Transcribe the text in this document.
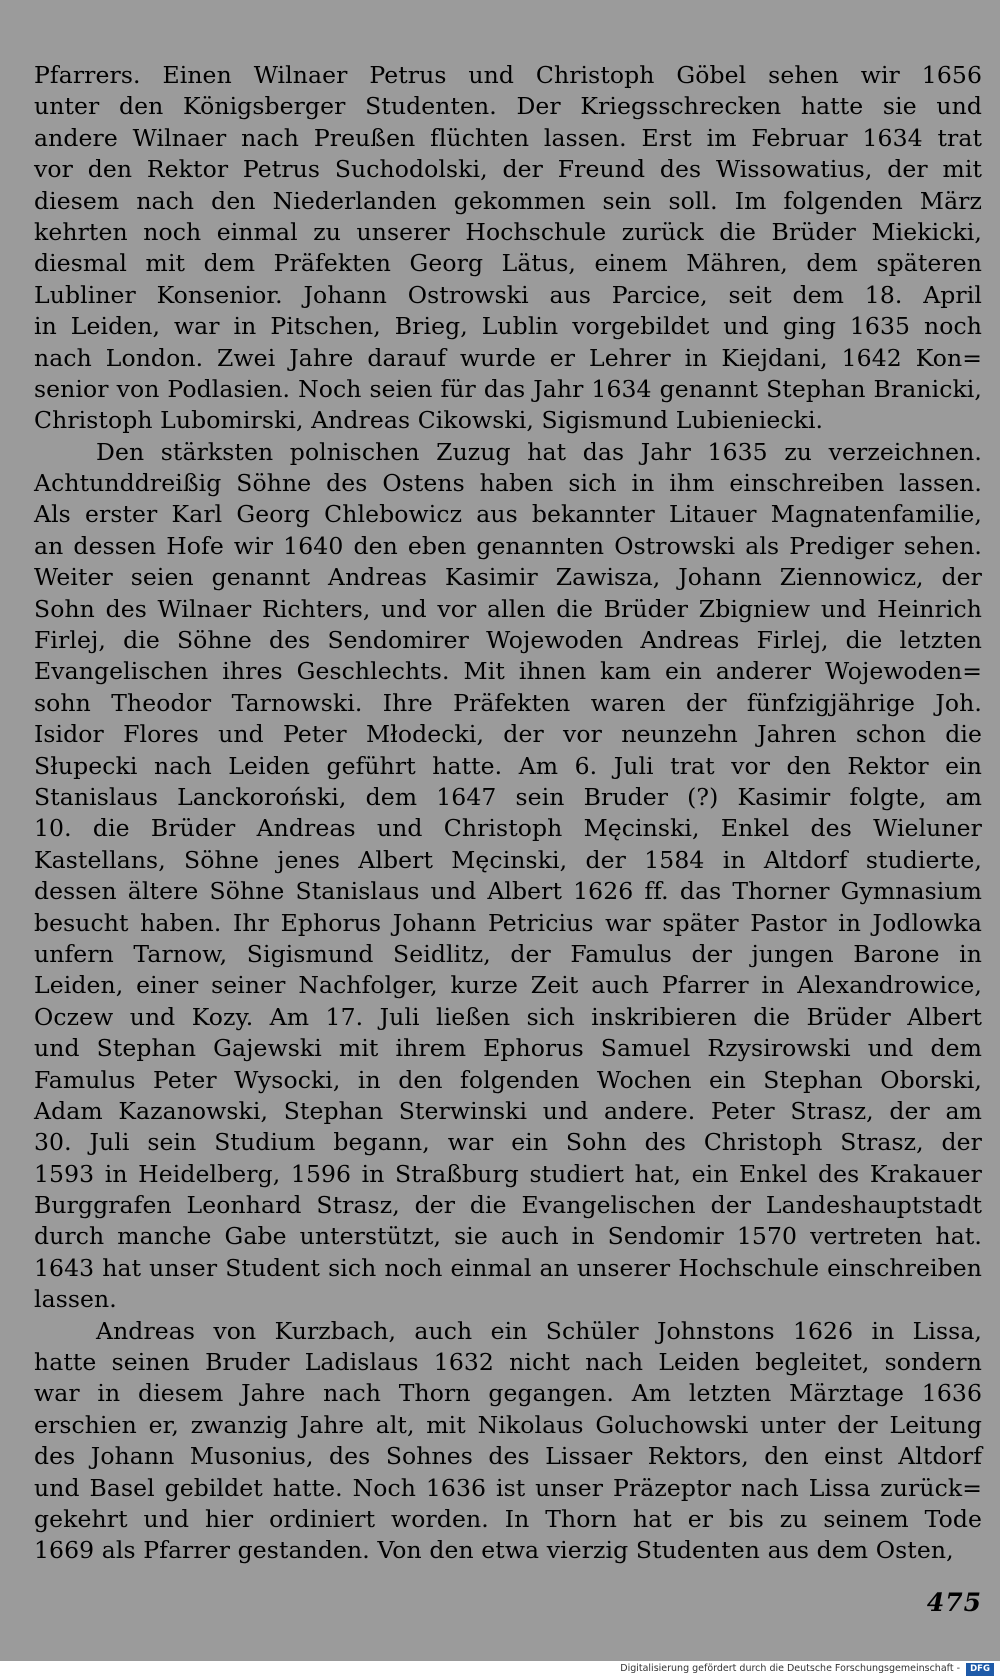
Pfarrers. Einen Wilnaer Petrus und Christoph Göbel sehen wir 1656
unter den Königsberger Studenten. Der Kriegsschrecken hatte sie und
andere Wilnaer nach Preußen flüchten lassen. Erst im Februar 1634 trat
vor den Rektor Petrus Suchodolski, der Freund des Wissowatius, der mit
diesem nach den Niederlanden gekommen sein soll. Im folgenden März
kehrten noch einmal zu unserer Hochschule zurück die Brüder Miekicki,
diesmal mit dem Präfekten Georg Lätus, einem Mähren, dem späteren
Lubliner Konsenior. Johann Ostrowski aus Parcice, seit dem 18. April
in Leiden, war in Pitschen, Brieg, Lublin vorgebildet und ging 1635 noch
nach London. Zwei Jahre darauf wurde er Lehrer in Kiejdani, 1642 Kon=
senior von Podlasien. Noch seien für das Jahr 1634 genannt Stephan Branicki,
Christoph Lubomirski, Andreas Cikowski, Sigismund Lubieniecki.
Den stärksten polnischen Zuzug hat das Jahr 1635 zu verzeichnen.
Achtunddreißig Söhne des Ostens haben sich in ihm einschreiben lassen.
Als erster Karl Georg Chlebowicz aus bekannter Litauer Magnatenfamilie,
an dessen Hofe wir 1640 den eben genannten Ostrowski als Prediger sehen.
Weiter seien genannt Andreas Kasimir Zawisza, Johann Ziennowicz, der
Sohn des Wilnaer Richters, und vor allen die Brüder Zbigniew und Heinrich
Firlej, die Söhne des Sendomirer Wojewoden Andreas Firlej, die letzten
Evangelischen ihres Geschlechts. Mit ihnen kam ein anderer Wojewoden=
sohn Theodor Tarnowski. Ihre Präfekten waren der fünfzigjährige Joh.
Isidor Flores und Peter Młodecki, der vor neunzehn Jahren schon die
Słupecki nach Leiden geführt hatte. Am 6. Juli trat vor den Rektor ein
Stanislaus Lanckoroński, dem 1647 sein Bruder (?) Kasimir folgte, am
10. die Brüder Andreas und Christoph Męcinski, Enkel des Wieluner
Kastellans, Söhne jenes Albert Męcinski, der 1584 in Altdorf studierte,
dessen ältere Söhne Stanislaus und Albert 1626 ff. das Thorner Gymnasium
besucht haben. Ihr Ephorus Johann Petricius war später Pastor in Jodlowka
unfern Tarnow, Sigismund Seidlitz, der Famulus der jungen Barone in
Leiden, einer seiner Nachfolger, kurze Zeit auch Pfarrer in Alexandrowice,
Oczew und Kozy. Am 17. Juli ließen sich inskribieren die Brüder Albert
und Stephan Gajewski mit ihrem Ephorus Samuel Rzysirowski und dem
Famulus Peter Wysocki, in den folgenden Wochen ein Stephan Oborski,
Adam Kazanowski, Stephan Sterwinski und andere. Peter Strasz, der am
30. Juli sein Studium begann, war ein Sohn des Christoph Strasz, der
1593 in Heidelberg, 1596 in Straßburg studiert hat, ein Enkel des Krakauer
Burggrafen Leonhard Strasz, der die Evangelischen der Landeshauptstadt
durch manche Gabe unterstützt, sie auch in Sendomir 1570 vertreten hat.
1643 hat unser Student sich noch einmal an unserer Hochschule einschreiben
lassen.
Andreas von Kurzbach, auch ein Schüler Johnstons 1626 in Lissa,
hatte seinen Bruder Ladislaus 1632 nicht nach Leiden begleitet, sondern
war in diesem Jahre nach Thorn gegangen. Am letzten Märztage 1636
erschien er, zwanzig Jahre alt, mit Nikolaus Goluchowski unter der Leitung
des Johann Musonius, des Sohnes des Lissaer Rektors, den einst Altdorf
und Basel gebildet hatte. Noch 1636 ist unser Präzeptor nach Lissa zurück=
gekehrt und hier ordiniert worden. In Thorn hat er bis zu seinem Tode
1669 als Pfarrer gestanden. Von den etwa vierzig Studenten aus dem Osten,
475
Digitalisierung gefördert durch die Deutsche Forschungsgemeinschaft -	DFG
